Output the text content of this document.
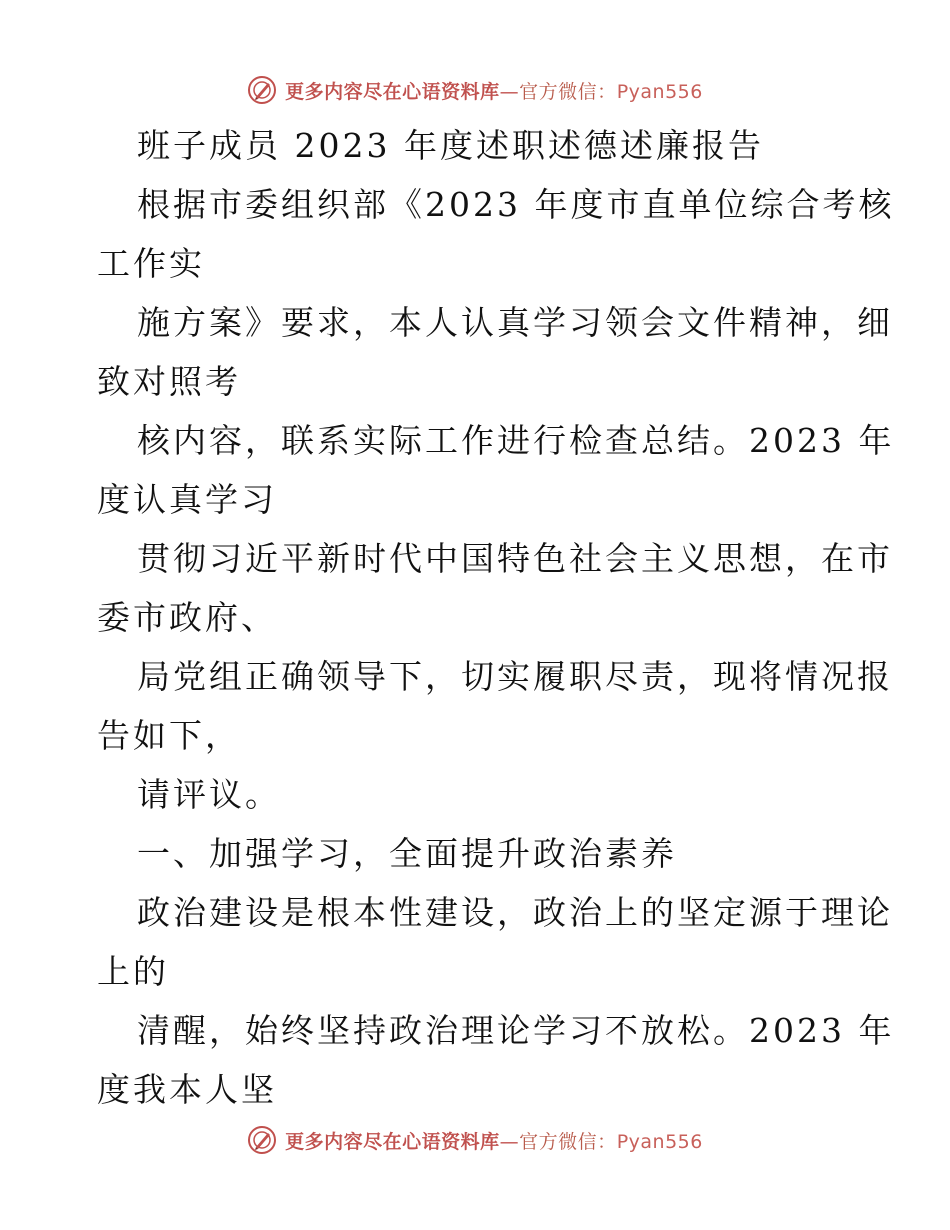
更多内容尽在心语资料库—官方微信：Pyan556
班子成员 2023 年度述职述德述廉报告
根据市委组织部《2023 年度市直单位综合考核
工作实
施方案》要求，本人认真学习领会文件精神，细
致对照考
核内容，联系实际工作进行检查总结。2023 年
度认真学习
贯彻习近平新时代中国特色社会主义思想，在市
委市政府、
局党组正确领导下，切实履职尽责，现将情况报
告如下，
请评议。
一、加强学习，全面提升政治素养
政治建设是根本性建设，政治上的坚定源于理论
上的
清醒，始终坚持政治理论学习不放松。2023 年
度我本人坚
更多内容尽在心语资料库—官方微信：Pyan556
